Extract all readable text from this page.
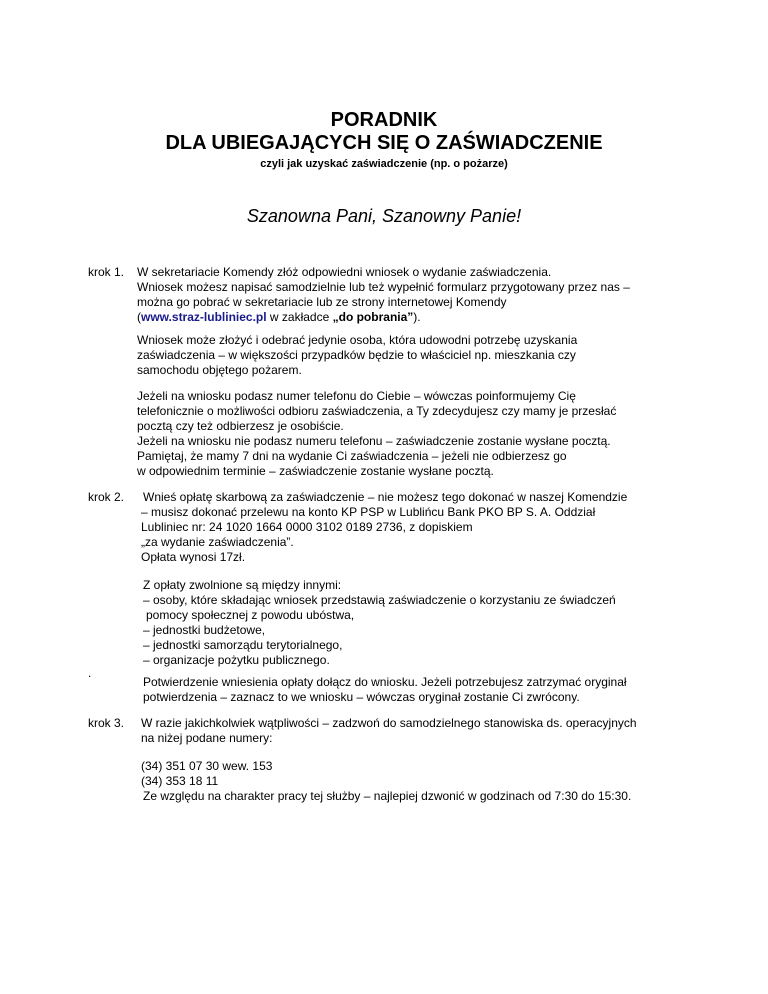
PORADNIK
DLA UBIEGAJĄCYCH SIĘ O ZAŚWIADCZENIE
czyli jak uzyskać zaświadczenie (np. o pożarze)
Szanowna Pani, Szanowny Panie!
krok 1. W sekretariacie Komendy złóż odpowiedni wniosek o wydanie zaświadczenia.
Wniosek możesz napisać samodzielnie lub też wypełnić formularz przygotowany przez nas –
można go pobrać w sekretariacie lub ze strony internetowej Komendy
(www.straz-lubliniec.pl w zakładce „do pobrania”).
Wniosek może złożyć i odebrać jedynie osoba, która udowodni potrzebę uzyskania
zaświadczenia – w większości przypadków będzie to właściciel np. mieszkania czy
samochodu objętego pożarem.
Jeżeli na wniosku podasz numer telefonu do Ciebie – wówczas poinformujemy Cię
telefonicznie o możliwości odbioru zaświadczenia, a Ty zdecydujesz czy mamy je przesłać
pocztą czy też odbierzesz je osobiście.
Jeżeli na wniosku nie podasz numeru telefonu – zaświadczenie zostanie wysłane pocztą.
Pamiętaj, że mamy 7 dni na wydanie Ci zaświadczenia – jeżeli nie odbierzesz go
w odpowiednim terminie – zaświadczenie zostanie wysłane pocztą.
krok 2. Wnieś opłatę skarbową za zaświadczenie – nie możesz tego dokonać w naszej Komendzie
– musisz dokonać przelewu na konto KP PSP w Lublińcu Bank PKO BP S. A. Oddział
Lubliniec nr: 24 1020 1664 0000 3102 0189 2736, z dopiskiem
„za wydanie zaświadczenia”.
Opłata wynosi 17zł.
Z opłaty zwolnione są między innymi:
– osoby, które składając wniosek przedstawią zaświadczenie o korzystaniu ze świadczeń
pomocy społecznej z powodu ubóstwa,
– jednostki budżetowe,
– jednostki samorządu terytorialnego,
– organizacje pożytku publicznego.
.
Potwierdzenie wniesienia opłaty dołącz do wniosku. Jeżeli potrzebujesz zatrzymać oryginał
potwierdzenia – zaznacz to we wniosku – wówczas oryginał zostanie Ci zwrócony.
krok 3. W razie jakichkolwiek wątpliwości – zadzwoń do samodzielnego stanowiska ds. operacyjnych
na niżej podane numery:
(34) 351 07 30 wew. 153
(34) 353 18 11
Ze względu na charakter pracy tej służby – najlepiej dzwonić w godzinach od 7:30 do 15:30.
